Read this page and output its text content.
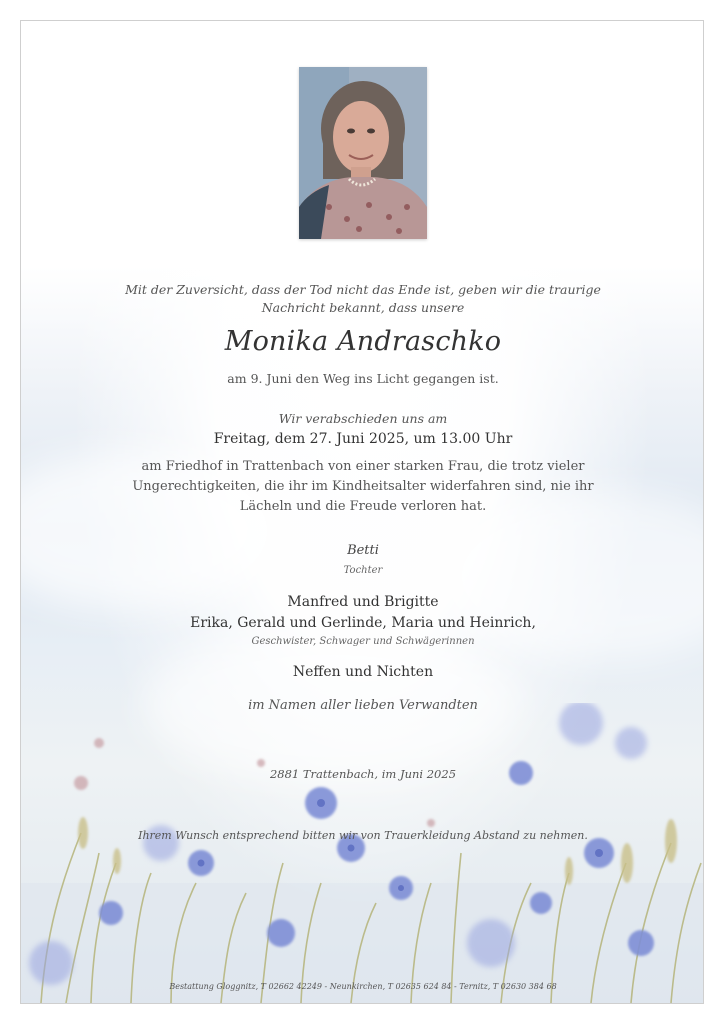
Mit der Zuversicht, dass der Tod nicht das Ende ist, geben wir die traurige
Nachricht bekannt, dass unsere
Monika Andraschko
am 9. Juni den Weg ins Licht gegangen ist.
Wir verabschieden uns am
Freitag, dem 27. Juni 2025, um 13.00 Uhr
am Friedhof in Trattenbach von einer starken Frau, die trotz vieler
Ungerechtigkeiten, die ihr im Kindheitsalter widerfahren sind, nie ihr
Lächeln und die Freude verloren hat.
Betti
Tochter
Manfred und Brigitte
Erika, Gerald und Gerlinde, Maria und Heinrich,
Geschwister, Schwager und Schwägerinnen
Neffen und Nichten
im Namen aller lieben Verwandten
2881 Trattenbach, im Juni 2025
Ihrem Wunsch entsprechend bitten wir von Trauerkleidung Abstand zu nehmen.
Bestattung Gloggnitz, T 02662 42249 - Neunkirchen, T 02635 624 84 - Ternitz, T 02630 384 68
